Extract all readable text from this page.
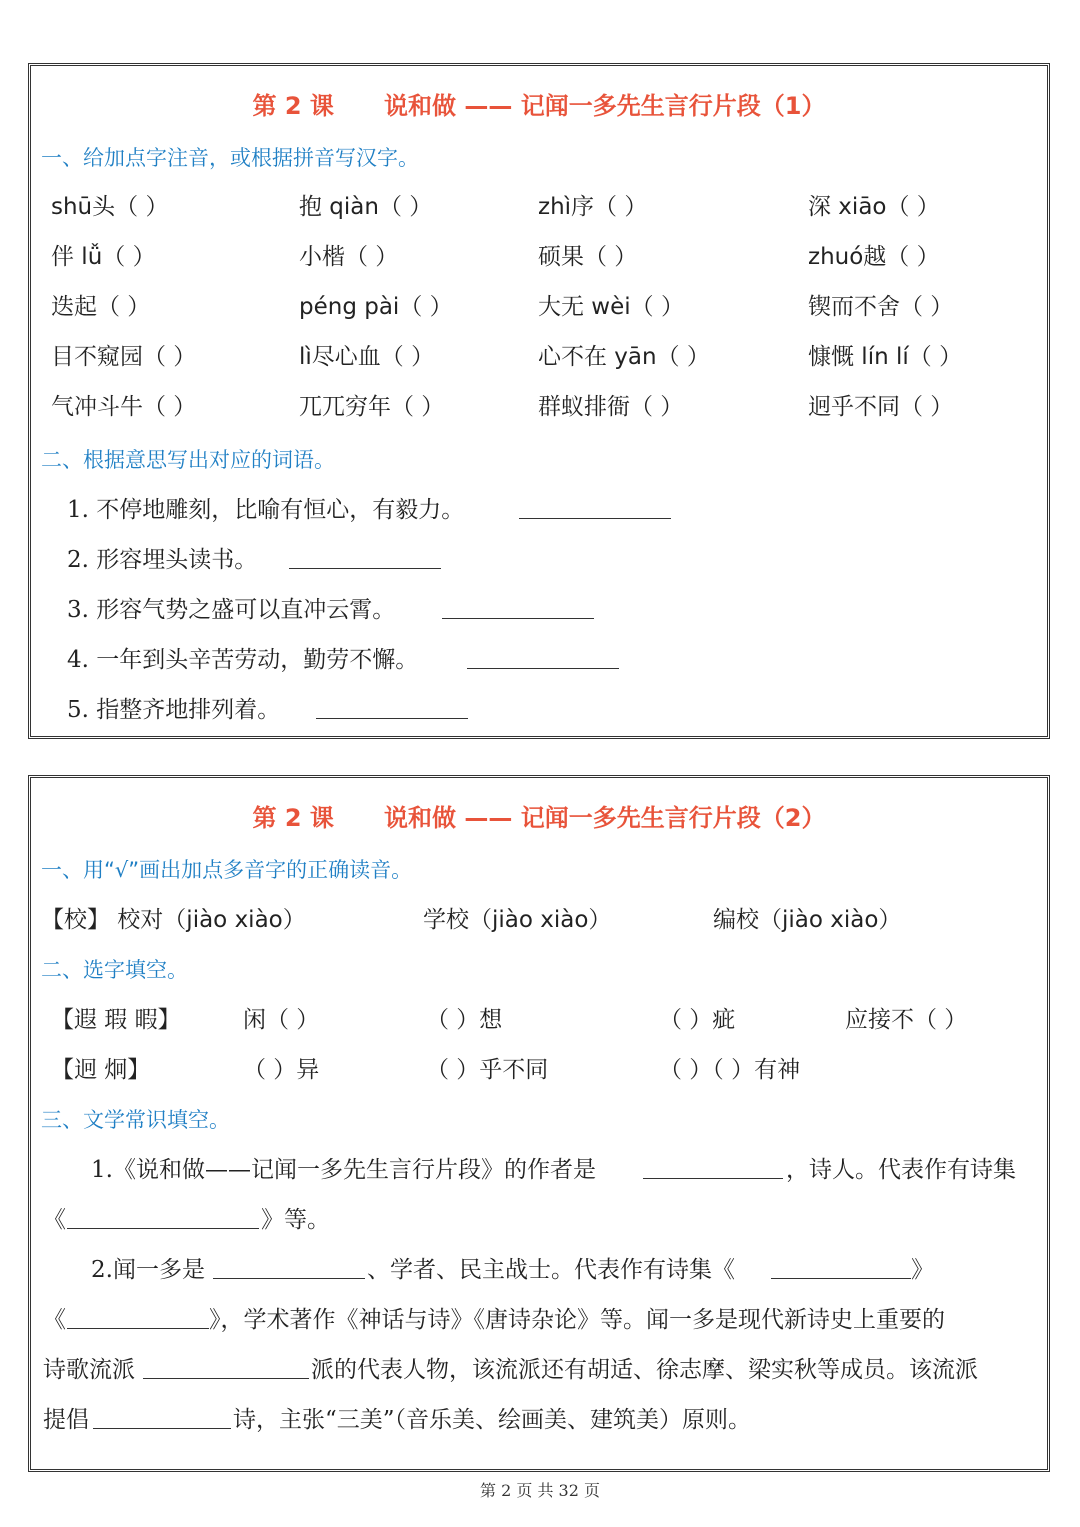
第 2 课      说和做 —— 记闻一多先生言行片段（1）
一、给加点字注音，或根据拼音写汉字。
shū头（ ）	抱 qiàn（ ）	zhì序（ ）	深 xiāo（ ）
伴 lǚ（ ）	小楷（ ）	硕果（ ）	zhuó越（ ）
迭起（ ）	péng pài（ ）	大无 wèi（ ）	锲而不舍（ ）
目不窥园（ ）	lì尽心血（ ）	心不在 yān（ ）	慷慨 lín lí（ ）
气冲斗牛（ ）	兀兀穷年（ ）	群蚁排衙（ ）	迥乎不同（ ）
二、根据意思写出对应的词语。
1. 不停地雕刻，比喻有恒心，有毅力。
2. 形容埋头读书。
3. 形容气势之盛可以直冲云霄。
4. 一年到头辛苦劳动，勤劳不懈。
5. 指整齐地排列着。
第 2 课      说和做 —— 记闻一多先生言行片段（2）
一、用“√”画出加点多音字的正确读音。
【校】 校对（jiào xiào）	学校（jiào xiào）	编校（jiào xiào）
二、选字填空。
【遐 瑕 暇】	闲（ ）	（ ）想	（ ）疵	应接不（ ）
【迥 炯】	（ ）异	（ ）乎不同	（ ）（ ）有神
三、文学常识填空。
1.《说和做——记闻一多先生言行片段》的作者是	，诗人。代表作有诗集
《	》等。
2.闻一多是	、学者、民主战士。代表作有诗集《	》
《	》，学术著作《神话与诗》《唐诗杂论》等。闻一多是现代新诗史上重要的
诗歌流派	派的代表人物，该流派还有胡适、徐志摩、梁实秋等成员。该流派
提倡	诗，主张“三美”（音乐美、绘画美、建筑美）原则。
第 2 页 共 32 页
